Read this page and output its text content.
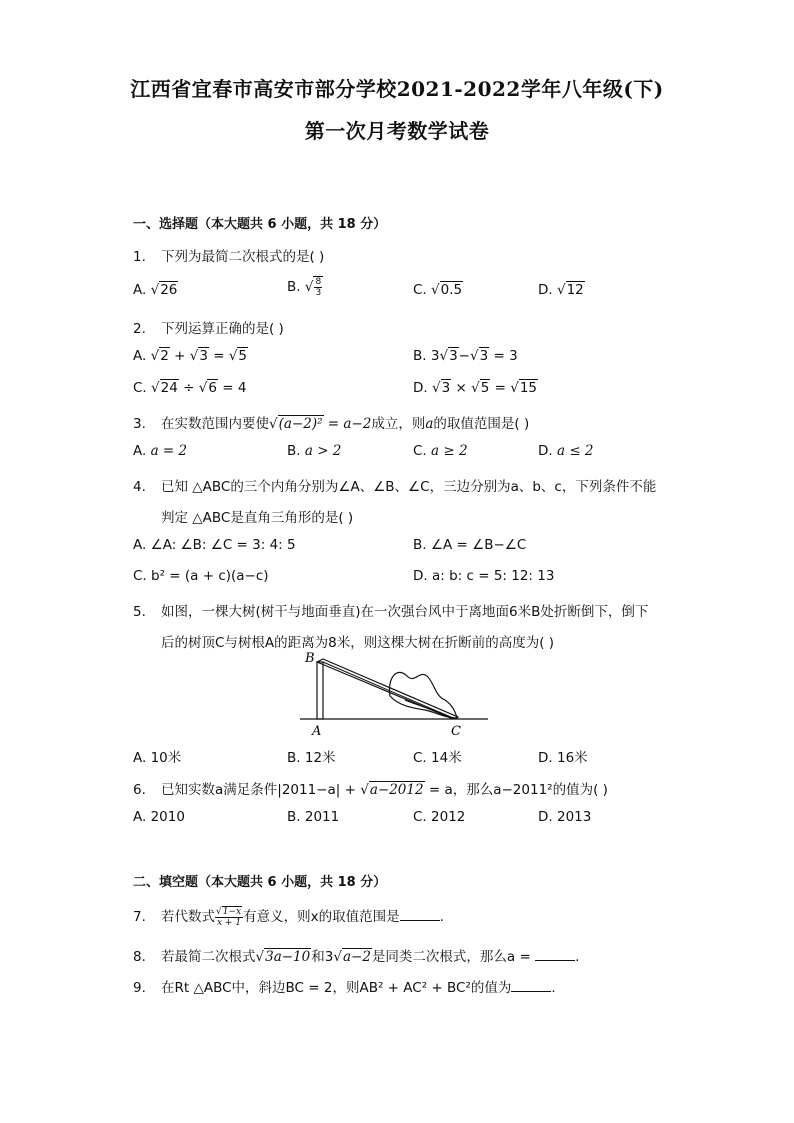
江西省宜春市高安市部分学校2021-2022学年八年级(下)
第一次月考数学试卷
一、选择题（本大题共 6 小题，共 18 分）
1. 下列为最简二次根式的是( )
A. √26	B. √ $\frac{8}{3}$	C. √0.5	D. √12
2. 下列运算正确的是( )
A. √2 + √3 = √5	B. 3√3−√3 = 3
C. √24 ÷ √6 = 4	D. √3 × √5 = √15
3. 在实数范围内要使√(a−2)² = a−2成立，则a的取值范围是( )
A. a = 2	B. a > 2	C. a ≥ 2	D. a ≤ 2
4. 已知 △ABC的三个内角分别为∠A、∠B、∠C，三边分别为a、b、c，下列条件不能
判定 △ABC是直角三角形的是( )
A. ∠A: ∠B: ∠C = 3: 4: 5	B. ∠A = ∠B−∠C
C. b² = (a + c)(a−c)	D. a: b: c = 5: 12: 13
5. 如图，一棵大树(树干与地面垂直)在一次强台风中于离地面6米B处折断倒下，倒下
后的树顶C与树根A的距离为8米，则这棵大树在折断前的高度为( )
B
A	C
A. 10米	B. 12米	C. 14米	D. 16米
6. 已知实数a满足条件|2011−a| + √a−2012 = a，那么a−2011²的值为( )
A. 2010	B. 2011	C. 2012	D. 2013
二、填空题（本大题共 6 小题，共 18 分）
7. 若代数式 $\frac{√1-x}{x + 1}$ 有意义，则x的取值范围是	.
8. 若最简二次根式√3a−10和3√a−2是同类二次根式，那么a =	.
9. 在Rt △ABC中，斜边BC = 2，则AB² + AC² + BC²的值为	.
